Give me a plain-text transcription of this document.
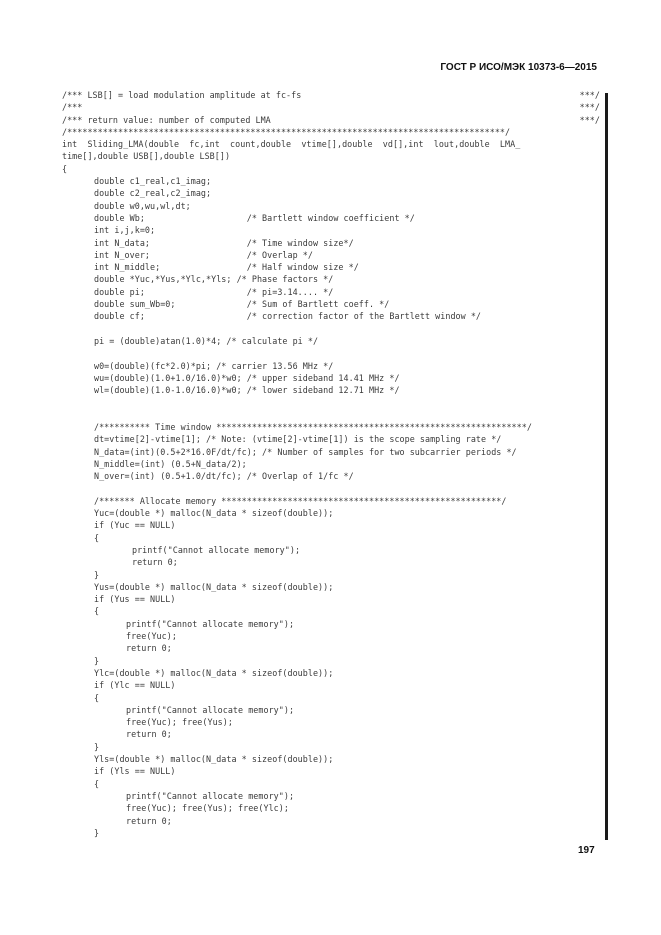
ГОСТ Р ИСО/МЭК 10373-6—2015
/*** LSB[] = load modulation amplitude at fc-fs	***/
/***	***/
/*** return value: number of computed LMA	***/
/**************************************************************************************/
int  Sliding_LMA(double  fc,int  count,double  vtime[],double  vd[],int  lout,double  LMA_
time[],double USB[],double LSB[])
{
double c1_real,c1_imag;
double c2_real,c2_imag;
double w0,wu,wl,dt;
double Wb;                    /* Bartlett window coefficient */
int i,j,k=0;
int N_data;                   /* Time window size*/
int N_over;                   /* Overlap */
int N_middle;                 /* Half window size */
double *Yuc,*Yus,*Ylc,*Yls; /* Phase factors */
double pi;                    /* pi=3.14.... */
double sum_Wb=0;              /* Sum of Bartlett coeff. */
double cf;                    /* correction factor of the Bartlett window */
pi = (double)atan(1.0)*4; /* calculate pi */
w0=(double)(fc*2.0)*pi; /* carrier 13.56 MHz */
wu=(double)(1.0+1.0/16.0)*w0; /* upper sideband 14.41 MHz */
wl=(double)(1.0-1.0/16.0)*w0; /* lower sideband 12.71 MHz */
/********** Time window *************************************************************/
dt=vtime[2]-vtime[1]; /* Note: (vtime[2]-vtime[1]) is the scope sampling rate */
N_data=(int)(0.5+2*16.0F/dt/fc); /* Number of samples for two subcarrier periods */
N_middle=(int) (0.5+N_data/2);
N_over=(int) (0.5+1.0/dt/fc); /* Overlap of 1/fc */
/******* Allocate memory *******************************************************/
Yuc=(double *) malloc(N_data * sizeof(double));
if (Yuc == NULL)
{
printf("Cannot allocate memory");
return 0;
}
Yus=(double *) malloc(N_data * sizeof(double));
if (Yus == NULL)
{
printf("Cannot allocate memory");
free(Yuc);
return 0;
}
Ylc=(double *) malloc(N_data * sizeof(double));
if (Ylc == NULL)
{
printf("Cannot allocate memory");
free(Yuc); free(Yus);
return 0;
}
Yls=(double *) malloc(N_data * sizeof(double));
if (Yls == NULL)
{
printf("Cannot allocate memory");
free(Yuc); free(Yus); free(Ylc);
return 0;
}
197
